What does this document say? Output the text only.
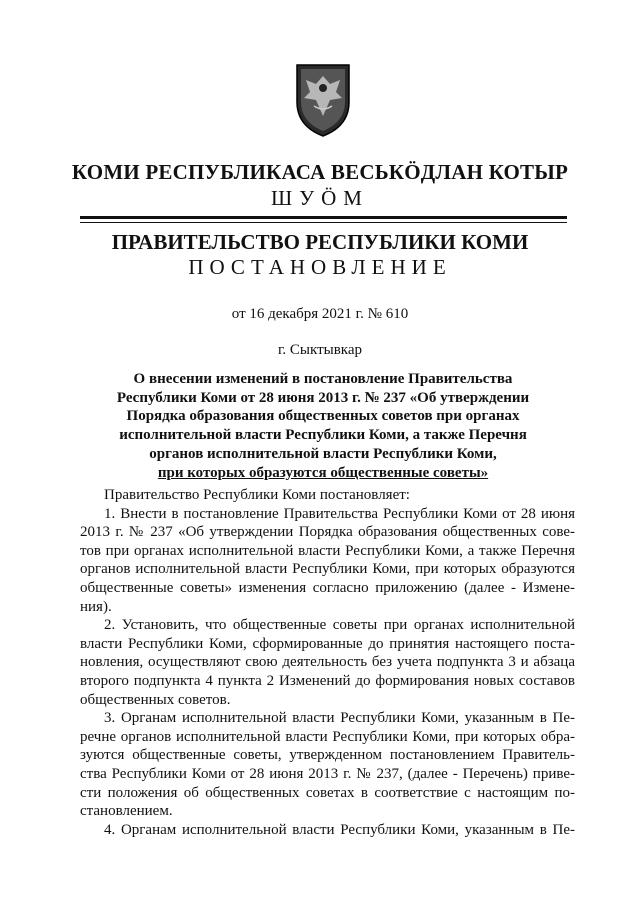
КОМИ РЕСПУБЛИКАСА ВЕСЬКӦДЛАН КОТЫР
ШУӦМ
ПРАВИТЕЛЬСТВО РЕСПУБЛИКИ КОМИ
ПОСТАНОВЛЕНИЕ
от 16 декабря 2021 г. № 610
г. Сыктывкар
О внесении изменений в постановление Правительства
Республики Коми от 28 июня 2013 г. № 237 «Об утверждении
Порядка образования общественных советов при органах
исполнительной власти Республики Коми, а также Перечня
органов исполнительной власти Республики Коми,
при которых образуются общественные советы»
Правительство Республики Коми постановляет:
1. Внести в постановление Правительства Республики Коми от 28 июня
2013 г. № 237 «Об утверждении Порядка образования общественных сове-
тов при органах исполнительной власти Республики Коми, а также Перечня
органов исполнительной власти Республики Коми, при которых образуются
общественные советы» изменения согласно приложению (далее - Измене-
ния).
2. Установить, что общественные советы при органах исполнительной
власти Республики Коми, сформированные до принятия настоящего поста-
новления, осуществляют свою деятельность без учета подпункта 3 и абзаца
второго подпункта 4 пункта 2 Изменений до формирования новых составов
общественных советов.
3. Органам исполнительной власти Республики Коми, указанным в Пе-
речне органов исполнительной власти Республики Коми, при которых обра-
зуются общественные советы, утвержденном постановлением Правитель-
ства Республики Коми от 28 июня 2013 г. № 237, (далее - Перечень) приве-
сти положения об общественных советах в соответствие с настоящим по-
становлением.
4. Органам исполнительной власти Республики Коми, указанным в Пе-
